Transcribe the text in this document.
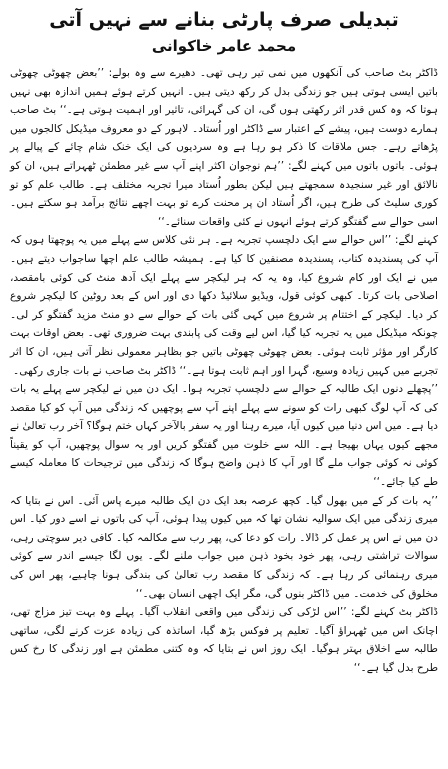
تبدیلی صرف پارٹی بنانے سے نہیں آتی
محمد عامر خاکوانی

ڈاکٹر بٹ صاحب کی آنکھوں میں نمی تیر رہی تھی۔ دھیرے سے وہ بولے: ’’بعض چھوٹی چھوٹی باتیں ایسی ہوتی ہیں جو زندگی بدل کر رکھ دیتی ہیں۔ انہیں کرتے ہوئے ہمیں اندازہ بھی نہیں ہوتا کہ وہ کس قدر اثر رکھتی ہوں گی، ان کی گہرائی، تاثیر اور اہمیت ہوتی ہے۔‘‘ بٹ صاحب ہمارے دوست ہیں، پیشے کے اعتبار سے ڈاکٹر اور اُستاد۔ لاہور کے دو معروف میڈیکل کالجوں میں پڑھاتے رہے۔ جس ملاقات کا ذکر ہو رہا ہے وہ سردیوں کی ایک خنک شام چائے کے پیالے پر ہوئی۔ باتوں باتوں میں کہنے لگے: ’’ہم نوجوان اکثر اپنے آپ سے غیر مطمئن ٹھہراتے ہیں، ان کو نالائق اور غیر سنجیدہ سمجھتے ہیں لیکن بطور اُستاد میرا تجربہ مختلف ہے۔ طالب علم کو تو کوری سلیٹ کی طرح ہیں، اگر اُستاد ان پر محنت کرے تو بہت اچھے نتائج برآمد ہو سکتے ہیں۔ اسی حوالے سے گفتگو کرتے ہوئے انہوں نے کئی واقعات سنائے۔‘‘

کہنے لگے: ’’اس حوالے سے ایک دلچسپ تجربہ ہے۔ ہر نئی کلاس سے پہلے میں یہ پوچھتا ہوں کہ آپ کی پسندیدہ کتاب، پسندیدہ مصنفین کا کیا ہے۔ ہمیشہ طالب علم اچھا ساجواب دیتے ہیں۔ میں نے ایک اور کام شروع کیا، وہ یہ کہ ہر لیکچر سے پہلے ایک آدھ منٹ کی کوئی بامقصد، اصلاحی بات کرتا۔ کبھی کوئی قول، ویڈیو سلائیڈ دکھا دی اور اس کے بعد روٹین کا لیکچر شروع کر دیا۔ لیکچر کے اختتام پر شروع میں کہی گئی بات کے حوالے سے دو منٹ مزید گفتگو کر لی۔ چونکہ میڈیکل میں یہ تجربہ کیا گیا، اس لیے وقت کی پابندی بہت ضروری تھی۔ بعض اوقات بہت کارگر اور مؤثر ثابت ہوئی۔ بعض چھوٹی چھوٹی باتیں جو بظاہر معمولی نظر آتی ہیں، ان کا اثر تجربے میں کہیں زیادہ وسیع، گہرا اور اہم ثابت ہوتا ہے۔‘‘ ڈاکٹر بٹ صاحب نے بات جاری رکھی۔

’’پچھلے دنوں ایک طالبہ کے حوالے سے دلچسپ تجربہ ہوا۔ ایک دن میں نے لیکچر سے پہلے یہ بات کی کہ آپ لوگ کبھی رات کو سونے سے پہلے اپنے آپ سے پوچھیں کہ زندگی میں آپ کو کیا مقصد دیا ہے۔ میں اس دنیا میں کیوں آیا، میرے رہنا اور یہ سفر بالآخر کہاں ختم ہوگا؟ آخر رب تعالیٰ نے مجھے کیوں یہاں بھیجا ہے۔ اللہ سے خلوت میں گفتگو کریں اور یہ سوال پوچھیں، آپ کو یقیناً کوئی نہ کوئی جواب ملے گا اور آپ کا ذہن واضح ہوگا کہ زندگی میں ترجیحات کا معاملہ کیسے طے کیا جائے۔‘‘

’’یہ بات کر کے میں بھول گیا۔ کچھ عرصہ بعد ایک دن ایک طالبہ میرے پاس آئی۔ اس نے بتایا کہ میری زندگی میں ایک سوالیہ نشان تھا کہ میں کیوں پیدا ہوئی، آپ کی باتوں نے اسے دور کیا۔ اس دن میں نے اس پر عمل کر ڈالا۔ رات کو دعا کی، پھر رب سے مکالمہ کیا۔ کافی دیر سوچتی رہی، سوالات تراشتی رہی، پھر خود بخود ذہن میں جواب ملنے لگے۔ یوں لگا جیسے اندر سے کوئی میری رہنمائی کر رہا ہے۔ کہ زندگی کا مقصد رب تعالیٰ کی بندگی ہونا چاہیے، پھر اس کی مخلوق کی خدمت۔ میں ڈاکٹر بنوں گی، مگر ایک اچھی انسان بھی۔‘‘

ڈاکٹر بٹ کہنے لگے: ’’اس لڑکی کی زندگی میں واقعی انقلاب آگیا۔ پہلے وہ بہت تیز مزاج تھی، اچانک اس میں ٹھہراؤ آگیا۔ تعلیم پر فوکس بڑھ گیا، اساتذہ کی زیادہ عزت کرنے لگی، ساتھی طالبہ سے اخلاق بہتر ہوگیا۔ ایک روز اس نے بتایا کہ وہ کتنی مطمئن ہے اور زندگی کا رخ کس طرح بدل گیا ہے۔‘‘
